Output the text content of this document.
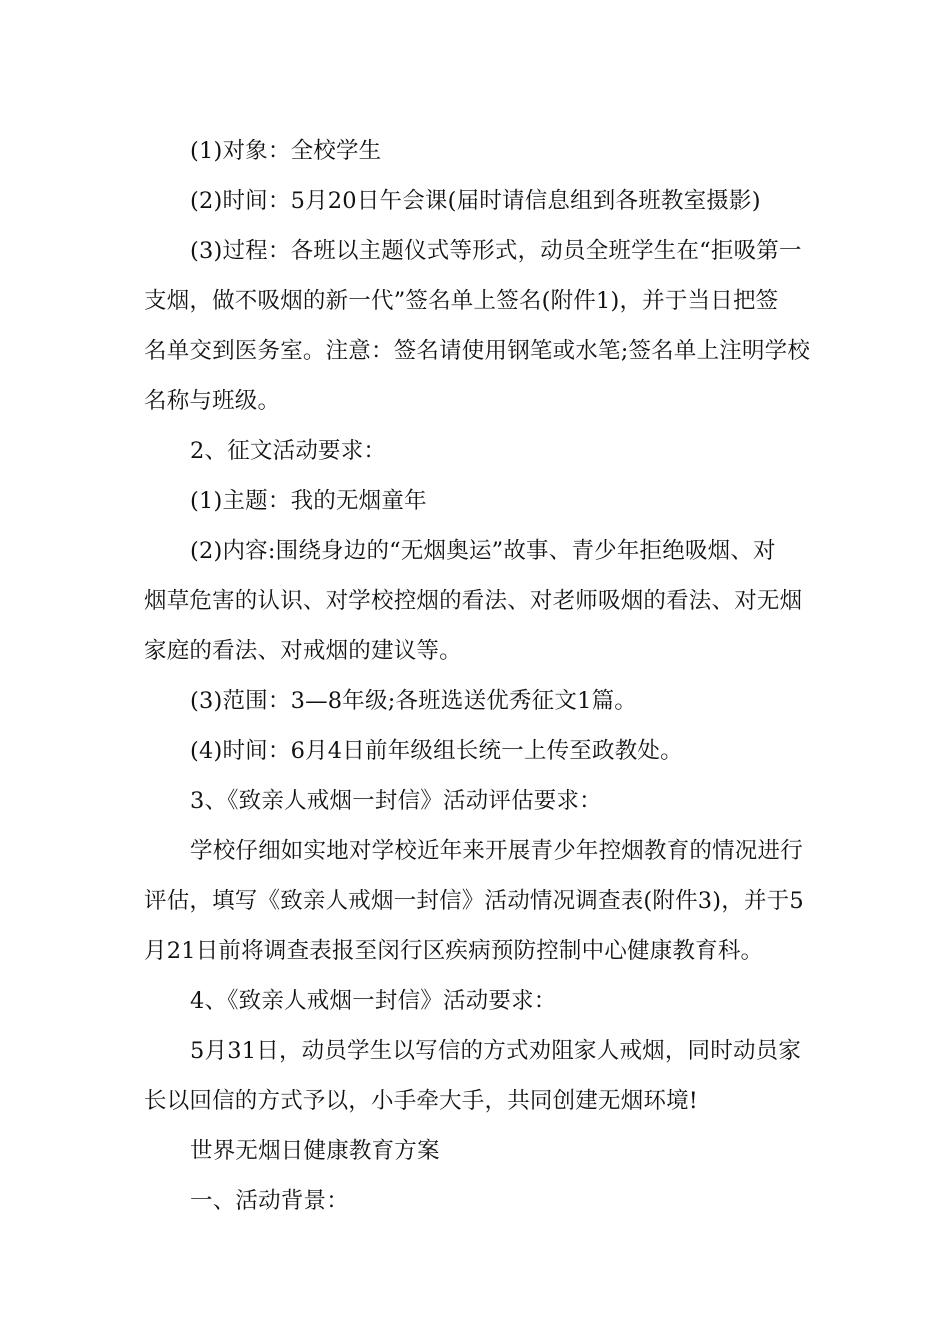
(1)对象：全校学生
(2)时间：5月20日午会课(届时请信息组到各班教室摄影)
(3)过程：各班以主题仪式等形式，动员全班学生在“拒吸第一
支烟，做不吸烟的新一代”签名单上签名(附件1)，并于当日把签
名单交到医务室。注意：签名请使用钢笔或水笔;签名单上注明学校
名称与班级。
2、征文活动要求：
(1)主题：我的无烟童年
(2)内容:围绕身边的“无烟奥运”故事、青少年拒绝吸烟、对
烟草危害的认识、对学校控烟的看法、对老师吸烟的看法、对无烟
家庭的看法、对戒烟的建议等。
(3)范围：3—8年级;各班选送优秀征文1篇。
(4)时间：6月4日前年级组长统一上传至政教处。
3、《致亲人戒烟一封信》活动评估要求：
学校仔细如实地对学校近年来开展青少年控烟教育的情况进行
评估，填写《致亲人戒烟一封信》活动情况调查表(附件3)，并于5
月21日前将调查表报至闵行区疾病预防控制中心健康教育科。
4、《致亲人戒烟一封信》活动要求：
5月31日，动员学生以写信的方式劝阻家人戒烟，同时动员家
长以回信的方式予以，小手牵大手，共同创建无烟环境!
世界无烟日健康教育方案
一、活动背景：
